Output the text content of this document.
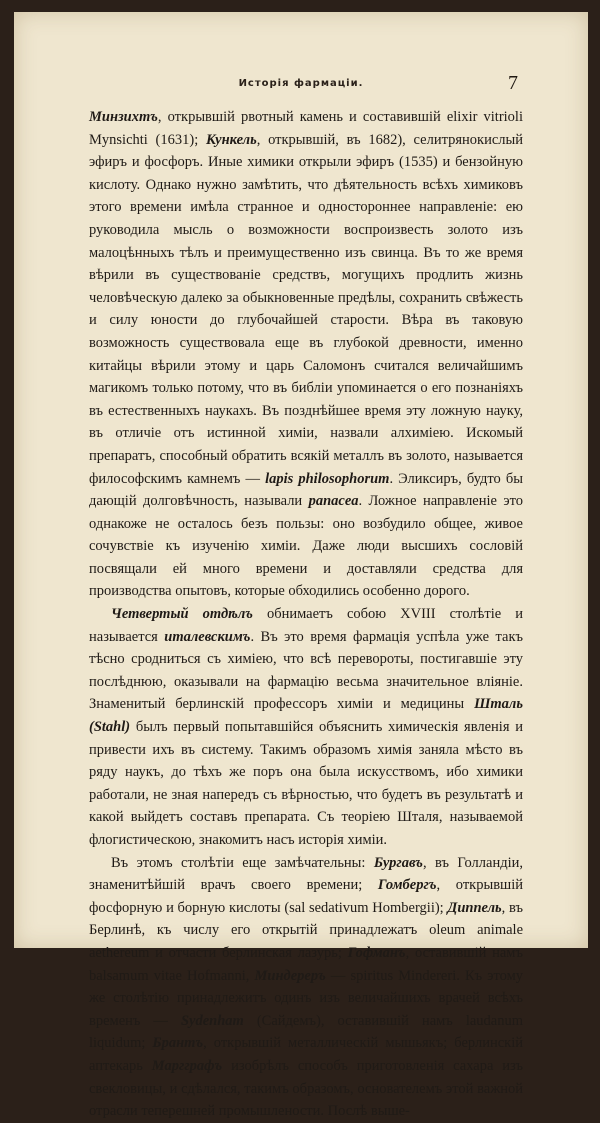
Исторія фармаціи.	7

Минзихтъ, открывшій рвотный камень и составившій elixir vitrioli Mynsichti (1631); Кункель, открывшій, въ 1682), селитрянокислый эфиръ и фосфоръ. Иные химики открыли эфиръ (1535) и бензойную кислоту. Однако нужно замѣтить, что дѣятельность всѣхъ химиковъ этого времени имѣла странное и одностороннее направленіе: ею руководила мысль о возможности воспроизвесть золото изъ малоцѣнныхъ тѣлъ и преимущественно изъ свинца. Въ то же время вѣрили въ существованіе средствъ, могущихъ продлить жизнь человѣческую далеко за обыкновенные предѣлы, сохранить свѣжесть и силу юности до глубочайшей старости. Вѣра въ таковую возможность существовала еще въ глубокой древности, именно китайцы вѣрили этому и царь Саломонъ считался величайшимъ магикомъ только потому, что въ библіи упоминается о его познаніяхъ въ естественныхъ наукахъ. Въ позднѣйшее время эту ложную науку, въ отличіе отъ истинной химіи, назвали алхиміею. Искомый препаратъ, способный обратить всякій металлъ въ золото, называется философскимъ камнемъ — lapis philosophorum. Эликсиръ, будто бы дающій долговѣчность, называли panacea. Ложное направленіе это однакоже не осталось безъ пользы: оно возбудило общее, живое сочувствіе къ изученію химіи. Даже люди высшихъ сословій посвящали ей много времени и доставляли средства для производства опытовъ, которые обходились особенно дорого.

Четвертый отдѣлъ обнимаетъ собою XVIII столѣтіе и называется италевскимъ. Въ это время фармація успѣла уже такъ тѣсно сродниться съ химіею, что всѣ перевороты, постигавшіе эту послѣднюю, оказывали на фармацію весьма значительное вліяніе. Знаменитый берлинскій профессоръ химіи и медицины Шталь (Stahl) былъ первый попытавшійся объяснить химическія явленія и привести ихъ въ систему. Такимъ образомъ химія заняла мѣсто въ ряду наукъ, до тѣхъ же поръ она была искусствомъ, ибо химики работали, не зная напередъ съ вѣрностью, что будетъ въ результатѣ и какой выйдетъ составъ препарата. Съ теоріею Шталя, называемой флогистическою, знакомитъ насъ исторія химіи.

Въ этомъ столѣтіи еще замѣчательны: Бургавъ, въ Голландіи, знаменитѣйшій врачъ своего времени; Гомбергъ, открывшій фосфорную и борную кислоты (sal sedativum Hombergii); Диппель, въ Берлинѣ, къ числу его открытій принадлежатъ oleum animale aethereum и отчасти берлинская лазурь; Гофманъ, оставившій намъ balsamum vitae Hofmanni, Миндереръ — spiritus Mindereri. Къ этому же столѣтію принадлежитъ одинъ изъ величайшихъ врачей всѣхъ временъ — Sydenhаm (Сайдемъ), оставившій намъ laudanum liquidum; Брантъ, открывшій металлическій мышьякъ; берлинскій аптекарь Маргграфъ изобрѣлъ способъ приготовленія сахара изъ свекловицы, и сдѣлался, такимъ образомъ, основателемъ этой важной отрасли теперешней промышлености. Послѣ выше-
